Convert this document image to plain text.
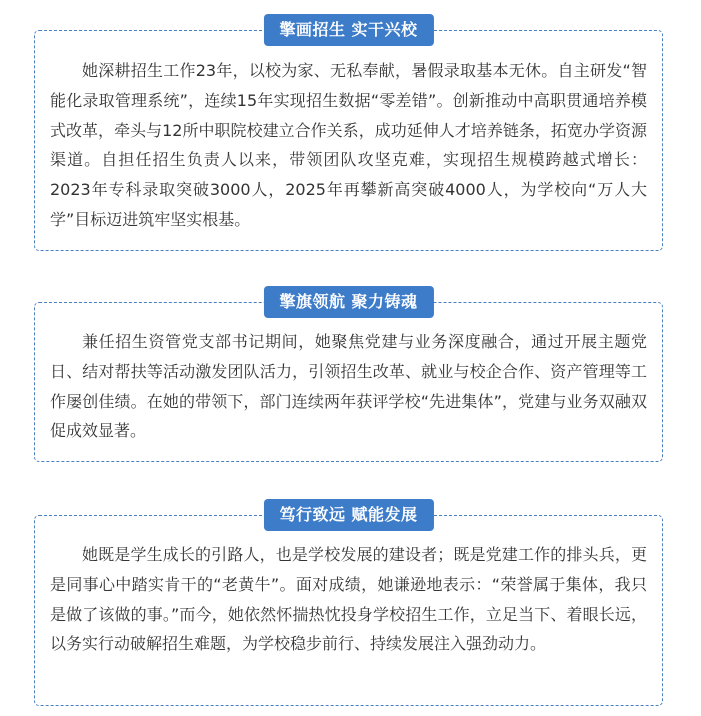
擎画招生 实干兴校

她深耕招生工作23年，以校为家、无私奉献，暑假录取基本无休。自主研发“智能化录取管理系统”，连续15年实现招生数据“零差错”。创新推动中高职贯通培养模式改革，牵头与12所中职院校建立合作关系，成功延伸人才培养链条，拓宽办学资源渠道。自担任招生负责人以来，带领团队攻坚克难，实现招生规模跨越式增长：2023年专科录取突破3000人，2025年再攀新高突破4000人，为学校向“万人大学”目标迈进筑牢坚实根基。

擎旗领航 聚力铸魂

兼任招生资管党支部书记期间，她聚焦党建与业务深度融合，通过开展主题党日、结对帮扶等活动激发团队活力，引领招生改革、就业与校企合作、资产管理等工作屡创佳绩。在她的带领下，部门连续两年获评学校“先进集体”，党建与业务双融双促成效显著。

笃行致远 赋能发展

她既是学生成长的引路人，也是学校发展的建设者；既是党建工作的排头兵，更是同事心中踏实肯干的“老黄牛”。面对成绩，她谦逊地表示：“荣誉属于集体，我只是做了该做的事。”而今，她依然怀揣热忱投身学校招生工作，立足当下、着眼长远，以务实行动破解招生难题，为学校稳步前行、持续发展注入强劲动力。
